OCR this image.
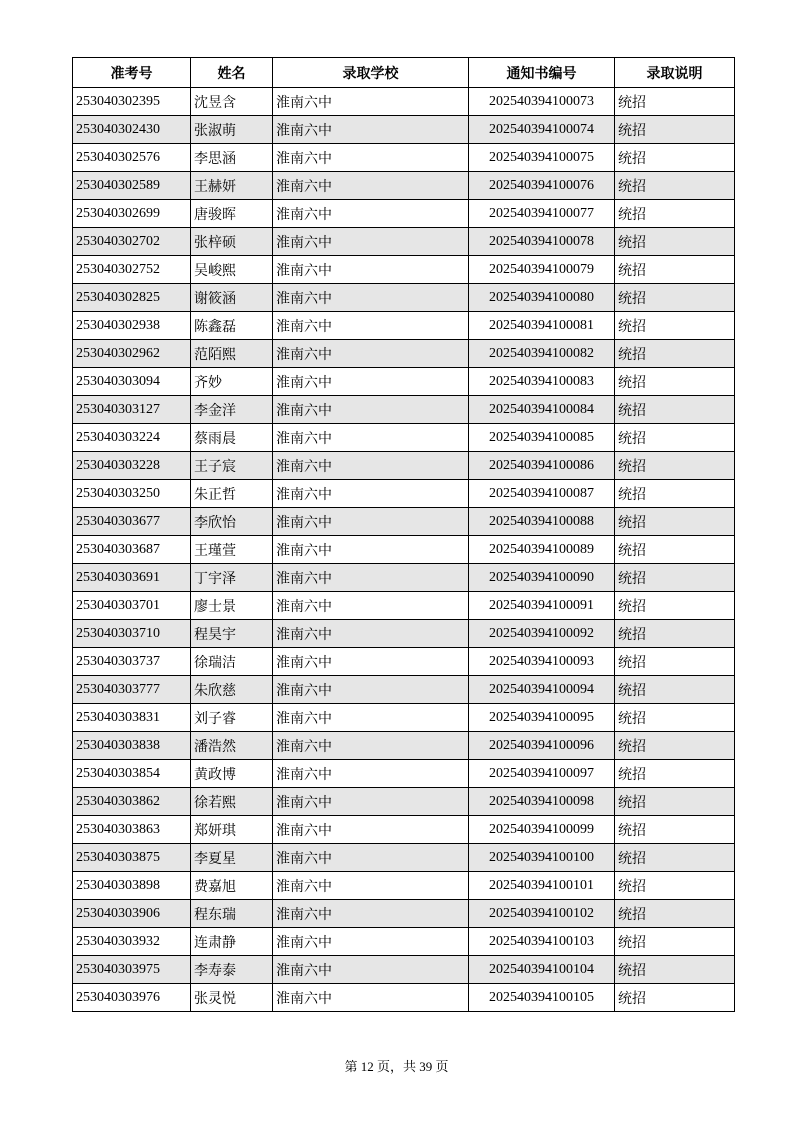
准考号	姓名	录取学校	通知书编号	录取说明
253040302395	沈昱含	淮南六中	202540394100073	统招
253040302430	张淑萌	淮南六中	202540394100074	统招
253040302576	李思涵	淮南六中	202540394100075	统招
253040302589	王赫妍	淮南六中	202540394100076	统招
253040302699	唐骏晖	淮南六中	202540394100077	统招
253040302702	张梓硕	淮南六中	202540394100078	统招
253040302752	吴峻熙	淮南六中	202540394100079	统招
253040302825	谢筱涵	淮南六中	202540394100080	统招
253040302938	陈鑫磊	淮南六中	202540394100081	统招
253040302962	范陌熙	淮南六中	202540394100082	统招
253040303094	齐妙	淮南六中	202540394100083	统招
253040303127	李金洋	淮南六中	202540394100084	统招
253040303224	蔡雨晨	淮南六中	202540394100085	统招
253040303228	王子宸	淮南六中	202540394100086	统招
253040303250	朱正哲	淮南六中	202540394100087	统招
253040303677	李欣怡	淮南六中	202540394100088	统招
253040303687	王瑾萱	淮南六中	202540394100089	统招
253040303691	丁宇泽	淮南六中	202540394100090	统招
253040303701	廖士景	淮南六中	202540394100091	统招
253040303710	程昊宇	淮南六中	202540394100092	统招
253040303737	徐瑞洁	淮南六中	202540394100093	统招
253040303777	朱欣慈	淮南六中	202540394100094	统招
253040303831	刘子睿	淮南六中	202540394100095	统招
253040303838	潘浩然	淮南六中	202540394100096	统招
253040303854	黄政博	淮南六中	202540394100097	统招
253040303862	徐若熙	淮南六中	202540394100098	统招
253040303863	郑妍琪	淮南六中	202540394100099	统招
253040303875	李夏星	淮南六中	202540394100100	统招
253040303898	费嘉旭	淮南六中	202540394100101	统招
253040303906	程东瑞	淮南六中	202540394100102	统招
253040303932	连肃静	淮南六中	202540394100103	统招
253040303975	李寿泰	淮南六中	202540394100104	统招
253040303976	张灵悦	淮南六中	202540394100105	统招
第 12 页，共 39 页
